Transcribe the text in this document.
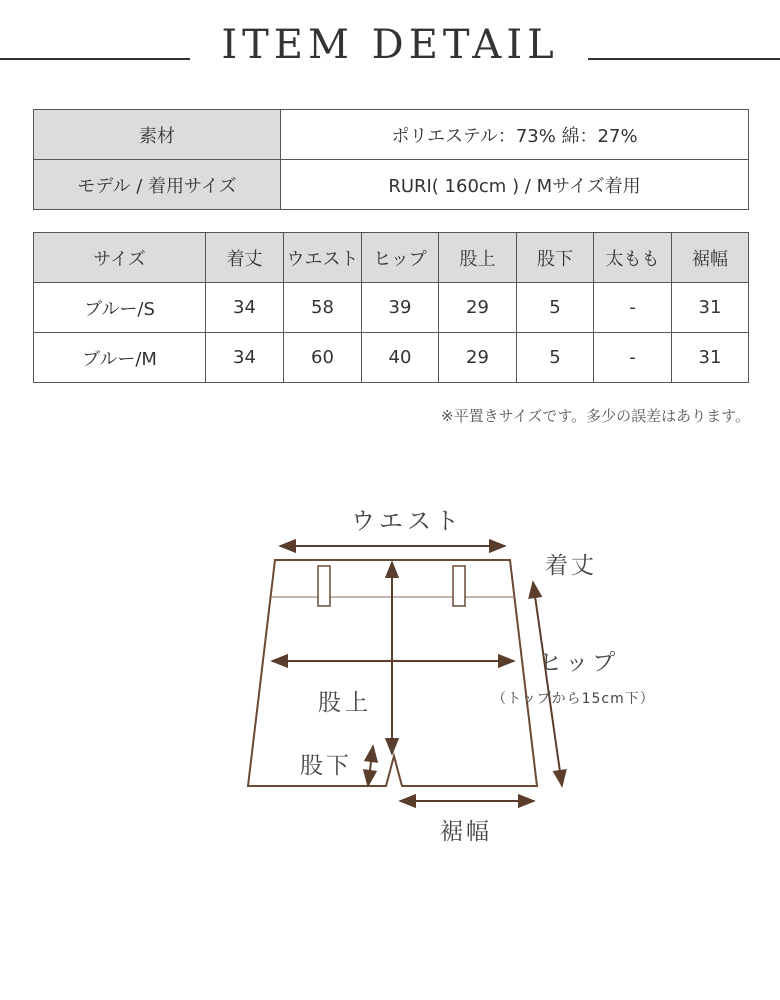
ITEM DETAIL
素材	ポリエステル：73% 綿：27%
モデル / 着用サイズ	RURI( 160cm ) / Mサイズ着用
サイズ	着丈	ウエスト	ヒップ	股上	股下	太もも	裾幅
ブルー/S	34	58	39	29	5	-	31
ブルー/M	34	60	40	29	5	-	31
※平置きサイズです。多少の誤差はあります。
ウエスト
着丈
ヒップ
（トップから15cm下）
股上
股下
裾幅
